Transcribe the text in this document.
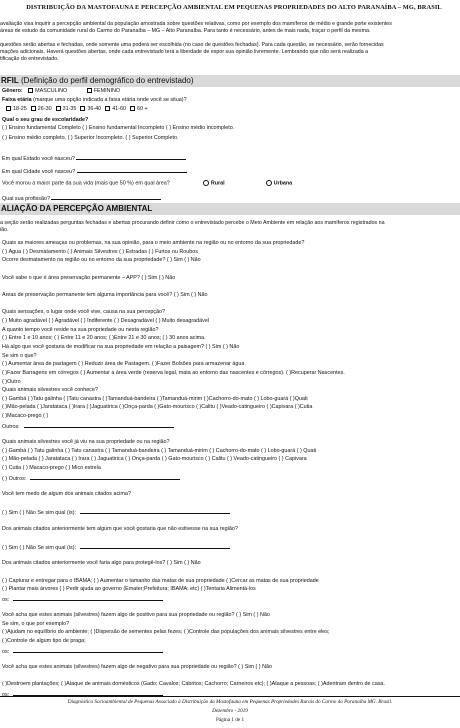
DISTRIBUIÇÃO DA MASTOFAUNA E PERCEPÇÃO AMBIENTAL EM PEQUENAS PROPRIEDADES DO ALTO PARANAÍBA – MG, BRASIL
avaliação visa inquirir a percepção ambiental da população amostrada sobre questões relativas, como por exemplo dos mamíferos de médio e grande porte existentes
áreas de estudo da comunidade rural do Carmo do Paranaíba – MG – Alto Paranaíba. Para tanto é necessário, antes de mais nada, traçar o perfil da mesma.
questões serão abertas e fechadas, onde somente uma poderá ser escolhida (no caso de questões fechadas). Para cada questão, se necessário, serão fornecidas
mações adicionais. Haverá questões abertas, onde cada entrevistado terá a liberdade de expor sua opinião livremente. Lembrando que não será realizada a
tificação do entrevistado.
RFIL (Definição do perfil demográfico do entrevistado)
Gênero: MASCULINO	FEMININO
Faixa etária (marque uma opção indicada a faixa etária onde você se situa)?
18-25 26-30 31-35 36-40 41-60 60 +
Qual o seu grau de escolaridade?
( ) Ensino fundamental Completo ( ) Ensino fundamental Incompleto ( ) Ensino médio incompleto.
( ) Ensino médio completo. ( ) Superior Incompleto. ( ) Superior Completo.
Em qual Estado você nasceu?
Em qual Cidade você nasceu?
Você morou a maior parte da sua vida (mais que 50 %) em qual área?	Rural	Urbana
Qual sua profissão?
ALIAÇÃO DA PERCEPÇÃO AMBIENTAL
a seção serão realizadas perguntas fechadas e abertas procurando definir como o entrevistado percebe o Meio Ambiente em relação aos mamíferos registrados na
ião.
Quais as maiores ameaças ou problemas, na sua opinião, para o meio ambiente na região ou no entorno da sua propriedade?
( ) Água ( ) Desmatamento ( ) Animais Silvestres ( ) Estradas ( ) Furtos ou Roubos
Ocorre desmatamento na região ou no entorno da sua propriedade? ( ) Sim ( ) Não
Você sabe o que é área preservação permanente – APP? ( ) Sim ( ) Não
Áreas de preservação permanente tem alguma importância para você? ( ) Sim ( ) Não
Quais sensações, o lugar onde você vive, causa na sua percepção?
( ) Muito agradável ( ) Agradável ( ) Indiferente ( ) Desagradável ( ) Muito desagradável
A quanto tempo você reside na sua propriedade ou nesta região?
( ) Entre 1 e 10 anos; ( ) Entre 11 e 20 anos; ( )Entre 21 e 30 anos; ( ) 30 anos acima.
Há algo que você gostaria de modificar na sua propriedade em relação a paisagem? ( ) Sim ( ) Não
Se sim o que?
( ) Aumentar área de pastagem ( ) Reduzir área de Pastagem. ( )Fazer Bolsões para armazenar água
( )Fazer Barragens em córregos ( ) Aumentar a área verde (reserva legal, mata ao entorno das nascentes e córregos). ( )Recuperar Nascentes.
( )Outro
Quais animais silvestres você conhece?
( ) Gambá ( )Tatu galinha ( )Tatu canastra ( )Tamanduá-bandeira ( )Tamanduá-mirim ( )Cachorro-do-mato ( ) Lobo-guará ( )Quati
( )Mão-pelada ( )Jaratataca ( )Irara ( )Jaguatirica ( )Onça-parda ( )Gato-mourisco ( )Calitu ( )Veado-catingueiro ( )Capivara ( )Cutia
( )Macaco-prego ( )
Outros:
Quais animais silvestres você já viu na sua propriedade ou na região?
( ) Gambá ( ) Tatu galinha ( ) Tatu canastra ( ) Tamanduá-bandeira ( ) Tamanduá-mirim ( ) Cachorro-do-mato ( ) Lobo-guará ( ) Quati
( ) Mão-pelada ( ) Jaratataca ( ) Irara ( ) Jaguatirica ( ) Onça-parda ( ) Gato-mourisco ( ) Calitu ( ) Veado-catingueiro ( ) Capivara
( ) Cutia ( ) Macaco-prego ( ) Mico estrela
( ) Outros:
Você tem medo de algum dos animais citados acima?
( ) Sim ( ) Não Se sim qual (is):
Dos animais citados anteriormente tem algum que você gostaria que não estivesse na sua região?
( ) Sim ( ) Não Se sim qual (is):
Dos animais citados anteriormente você faria algo para protegê-los? ( ) Sim ( ) Não
( ) Capturar e entregar para o IBAMA; ( ) Aumentar o tamanho das matas de sua propriedade ( )Cercar as matas de sua propriedade
( ) Plantar mais árvores ( ) Pedir ajuda ao governo (Emater;Prefeitura; IBAMA; etc) ( )Tentaria Alimentá-los
os:
Você acha que estes animais (silvestres) fazem algo de positivo para sua propriedade ou região? ( ) Sim ( ) Não
Se sim, o que por exemplo?
( )Ajudam no equilíbrio do ambiente; ( )Dispersão de sementes pelas fezes; ( )Controle das populações dos animais silvestres entre eles;
( )Controle de algum tipo de praga;
os:
Você acha que estes animais (silvestres) fazem algo de negativo para sua propriedade ou região? ( ) Sim ( ) Não
( )Destroem plantações; ( )Ataque de animais domésticos (Gado; Cavalos; Cabritos; Cachorro; Carneiros etc); ( )Ataque a pessoas; ( )Adentram dentro de casa.
os:
Diagnóstico Socioambiental de Pequenas Associado à Distribuição da Mastofauna em Pequenas Propriedades Rurais do Carmo do Paranaíba MG. Brasil.
Dezembro - 2019
Página 1 de 1
